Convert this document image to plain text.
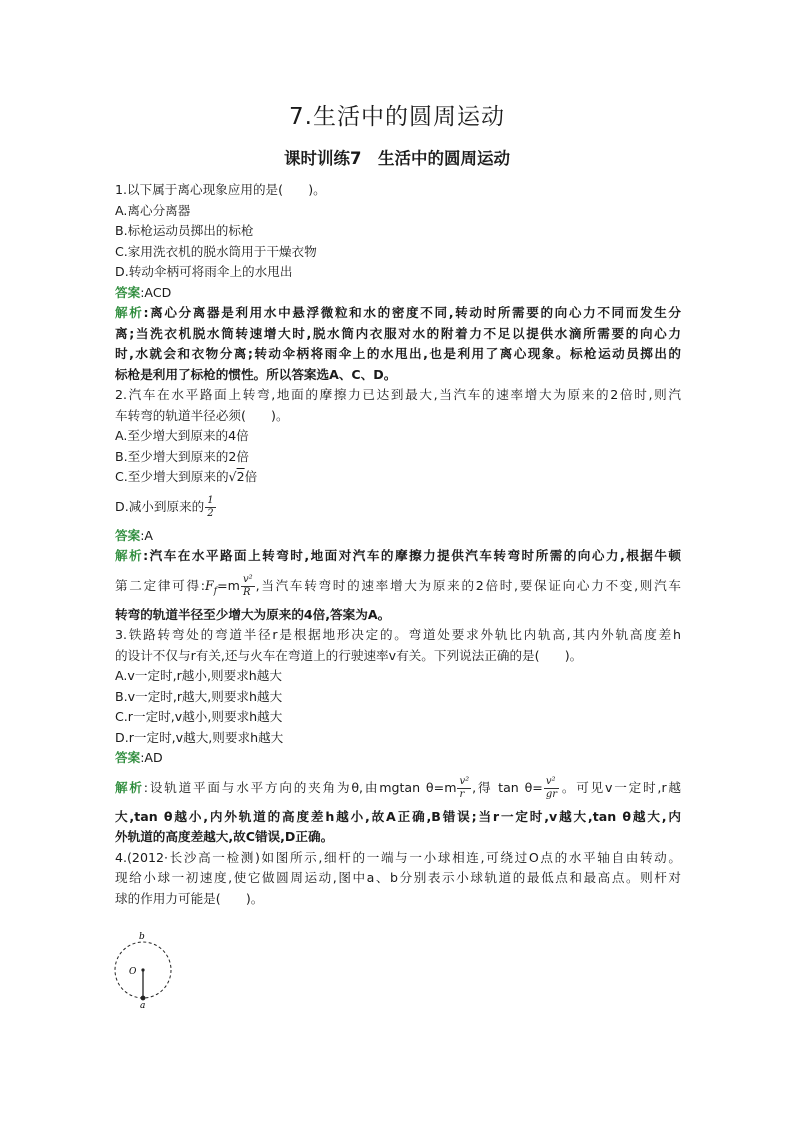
7.生活中的圆周运动
课时训练7　生活中的圆周运动
1.以下属于离心现象应用的是(　　)。
A.离心分离器
B.标枪运动员掷出的标枪
C.家用洗衣机的脱水筒用于干燥衣物
D.转动伞柄可将雨伞上的水甩出
答案:ACD
解析:离心分离器是利用水中悬浮微粒和水的密度不同,转动时所需要的向心力不同而发生分
离;当洗衣机脱水筒转速增大时,脱水筒内衣服对水的附着力不足以提供水滴所需要的向心力
时,水就会和衣物分离;转动伞柄将雨伞上的水甩出,也是利用了离心现象。标枪运动员掷出的
标枪是利用了标枪的惯性。所以答案选A、C、D。
2.汽车在水平路面上转弯,地面的摩擦力已达到最大,当汽车的速率增大为原来的2倍时,则汽
车转弯的轨道半径必须(　　)。
A.至少增大到原来的4倍
B.至少增大到原来的2倍
C.至少增大到原来的√2倍
D.减小到原来的 $\frac{1}{2}$
答案:A
解析:汽车在水平路面上转弯时,地面对汽车的摩擦力提供汽车转弯时所需的向心力,根据牛顿
第二定律可得$:F_f=m \frac{\text{v²}}{R}$ ,当汽车转弯时的速率增大为原来的2倍时,要保证向心力不变,则汽车
转弯的轨道半径至少增大为原来的4倍,答案为A。
3.铁路转弯处的弯道半径r是根据地形决定的。弯道处要求外轨比内轨高,其内外轨高度差h
的设计不仅与r有关,还与火车在弯道上的行驶速率v有关。下列说法正确的是(　　)。
A.v一定时,r越小,则要求h越大
B.v一定时,r越大,则要求h越大
C.r一定时,v越小,则要求h越大
D.r一定时,v越大,则要求h越大
答案:AD
解析:设轨道平面与水平方向的夹角为θ,由mgtan $\theta=m \frac{\text{v²}}{r}$ ,得 $\tan \theta= \frac{\text{v²}}{gr}$ 。可见v一定时,r越
大,tan θ越小,内外轨道的高度差h越小,故A正确,B错误;当r一定时,v越大,tan θ越大,内
外轨道的高度差越大,故C错误,D正确。
4.(2012·长沙高一检测)如图所示,细杆的一端与一小球相连,可绕过O点的水平轴自由转动。
现给小球一初速度,使它做圆周运动,图中a、b分别表示小球轨道的最低点和最高点。则杆对
球的作用力可能是(　　)。
b
O
a
